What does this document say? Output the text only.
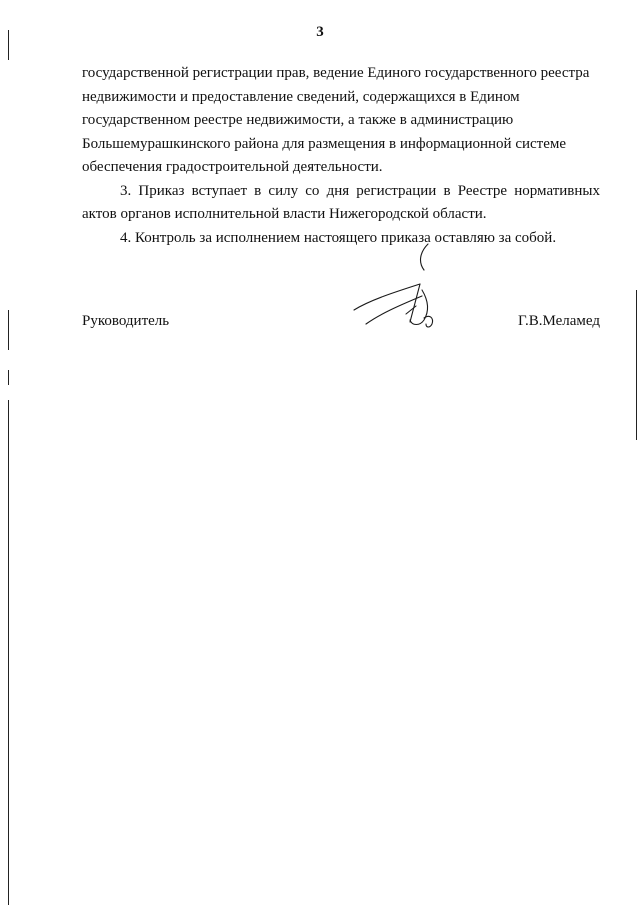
3

государственной регистрации прав, ведение Единого государственного реестра

недвижимости и предоставление сведений, содержащихся в Едином

государственном реестре недвижимости, а также в администрацию

Большемурашкинского района для размещения в информационной системе

обеспечения градостроительной деятельности.

3. Приказ вступает в силу со дня регистрации в Реестре нормативных актов органов исполнительной власти Нижегородской области.

4. Контроль за исполнением настоящего приказа оставляю за собой.

Руководитель	Г.В.Меламед
